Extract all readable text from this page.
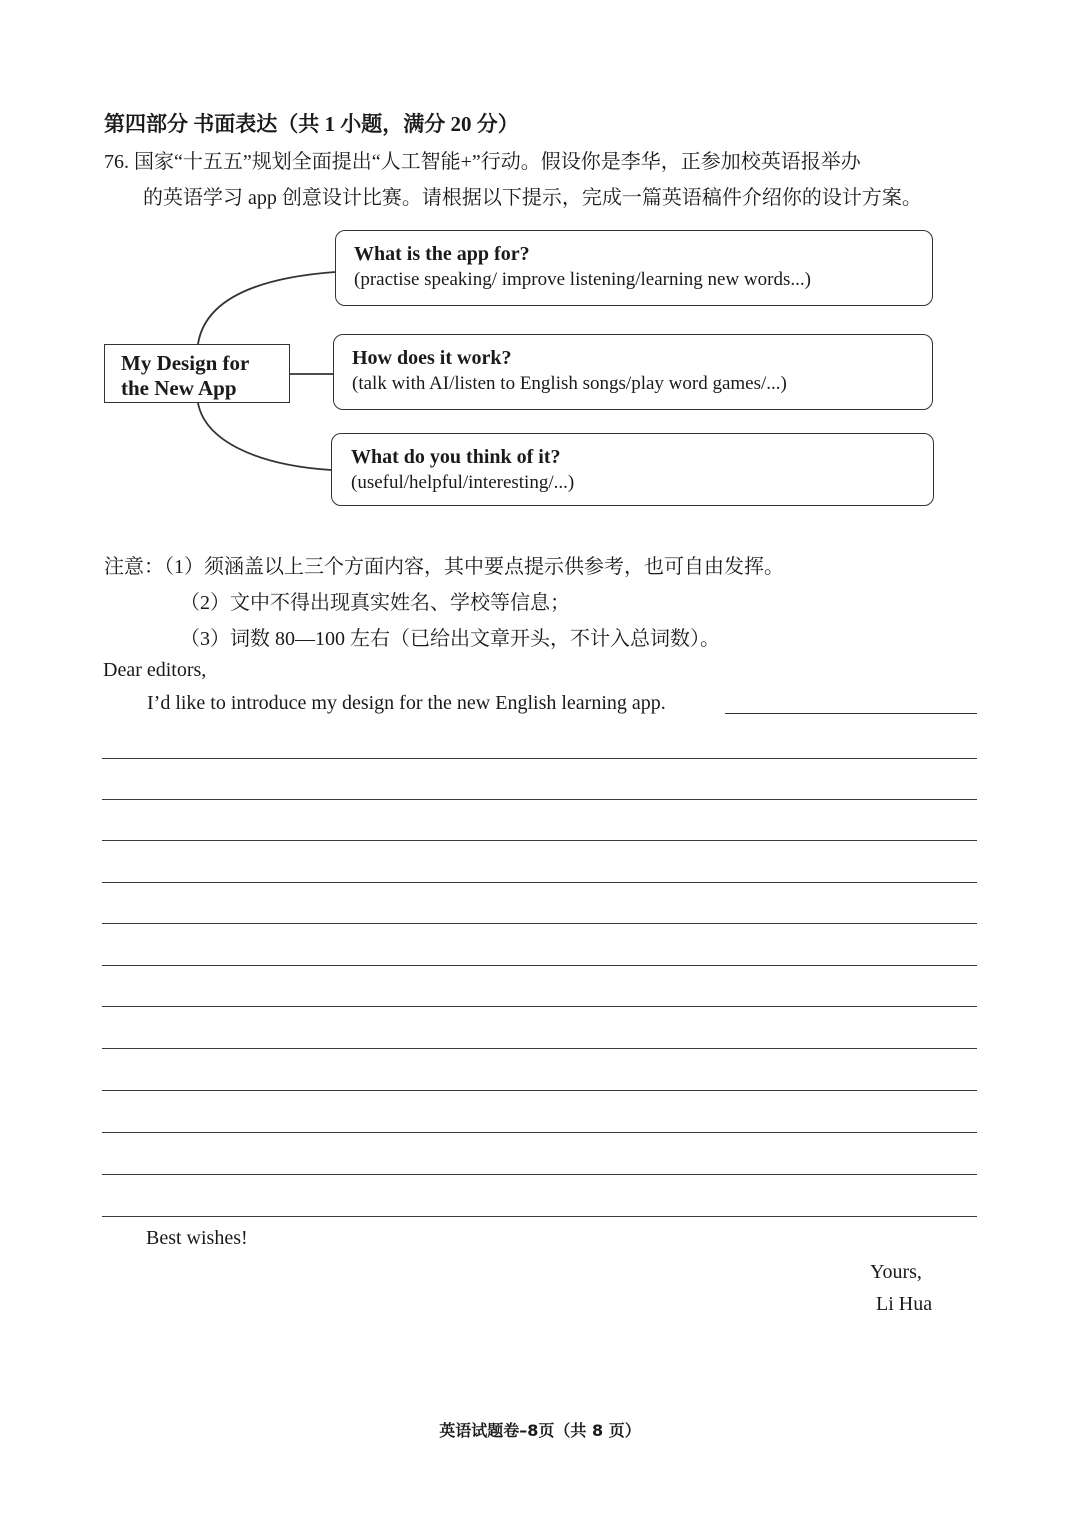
第四部分 书面表达（共 1 小题，满分 20 分）
76. 国家“十五五”规划全面提出“人工智能+”行动。假设你是李华，正参加校英语报举办
的英语学习 app 创意设计比赛。请根据以下提示，完成一篇英语稿件介绍你的设计方案。
My Design for
the New App
What is the app for?
(practise speaking/ improve listening/learning new words...)
How does it work?
(talk with AI/listen to English songs/play word games/...)
What do you think of it?
(useful/helpful/interesting/...)
注意：（1）须涵盖以上三个方面内容，其中要点提示供参考，也可自由发挥。
（2）文中不得出现真实姓名、学校等信息；
（3）词数 80—100 左右（已给出文章开头，不计入总词数）。
Dear editors,
I’d like to introduce my design for the new English learning app.
Best wishes!
Yours,
Li Hua
英语试题卷–8页（共 8 页）
